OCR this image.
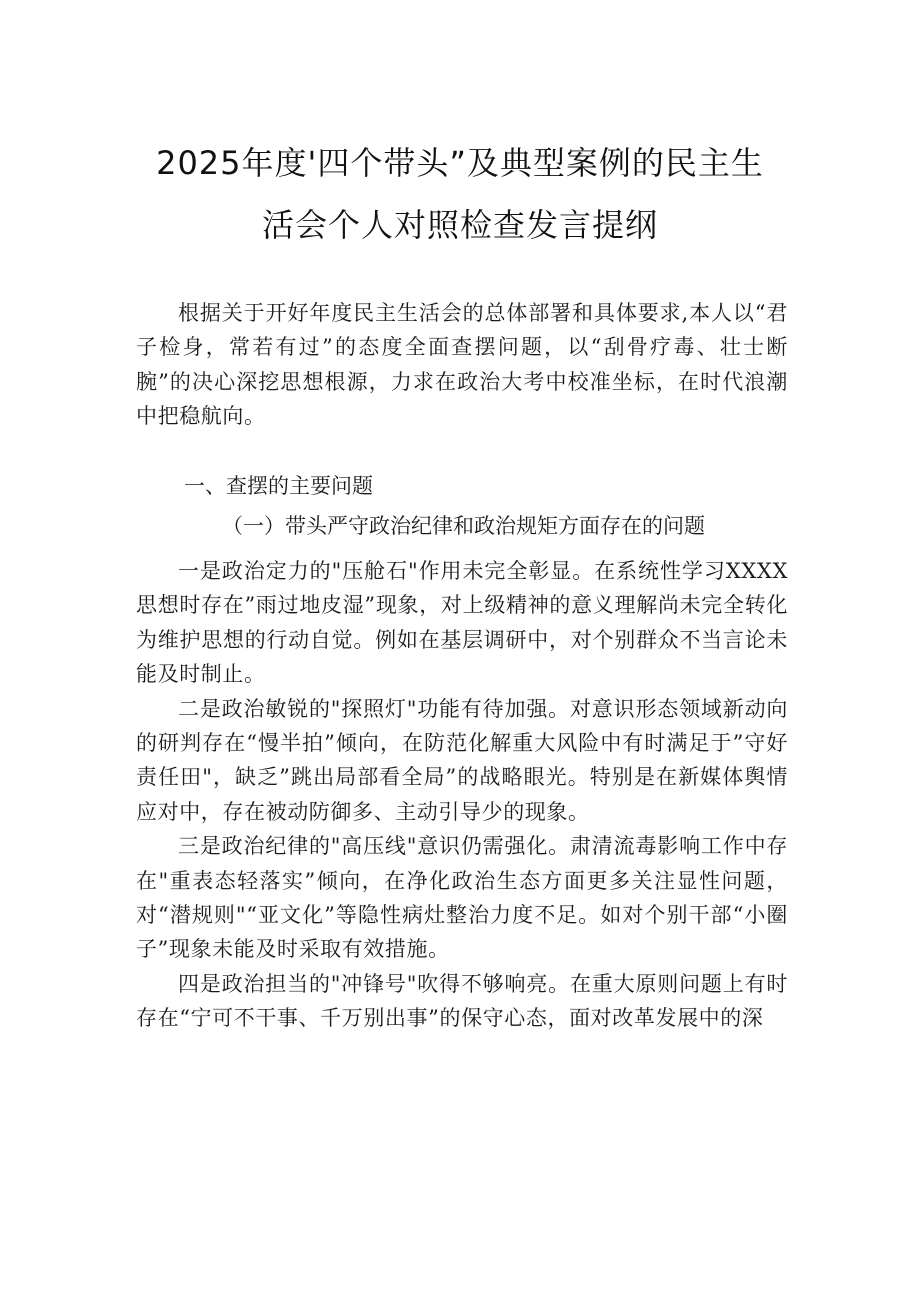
2025年度'四个带头”及典型案例的民主生
活会个人对照检查发言提纲

根据关于开好年度民主生活会的总体部署和具体要求,本人以“君子检身，常若有过”的态度全面查摆问题，以“刮骨疗毒、壮士断腕”的决心深挖思想根源，力求在政治大考中校准坐标，在时代浪潮中把稳航向。

一、查摆的主要问题
（一）带头严守政治纪律和政治规矩方面存在的问题

一是政治定力的"压舱石"作用未完全彰显。在系统性学习XXXX思想时存在”雨过地皮湿”现象，对上级精神的意义理解尚未完全转化为维护思想的行动自觉。例如在基层调研中，对个别群众不当言论未能及时制止。

二是政治敏锐的"探照灯"功能有待加强。对意识形态领域新动向的研判存在“慢半拍”倾向，在防范化解重大风险中有时满足于”守好责任田"，缺乏”跳出局部看全局”的战略眼光。特别是在新媒体舆情应对中，存在被动防御多、主动引导少的现象。

三是政治纪律的"高压线"意识仍需强化。肃清流毒影响工作中存在"重表态轻落实”倾向，在净化政治生态方面更多关注显性问题，对“潜规则"“亚文化”等隐性病灶整治力度不足。如对个别干部“小圈子”现象未能及时采取有效措施。

四是政治担当的"冲锋号"吹得不够响亮。在重大原则问题上有时存在“宁可不干事、千万别出事”的保守心态，面对改革发展中的深
